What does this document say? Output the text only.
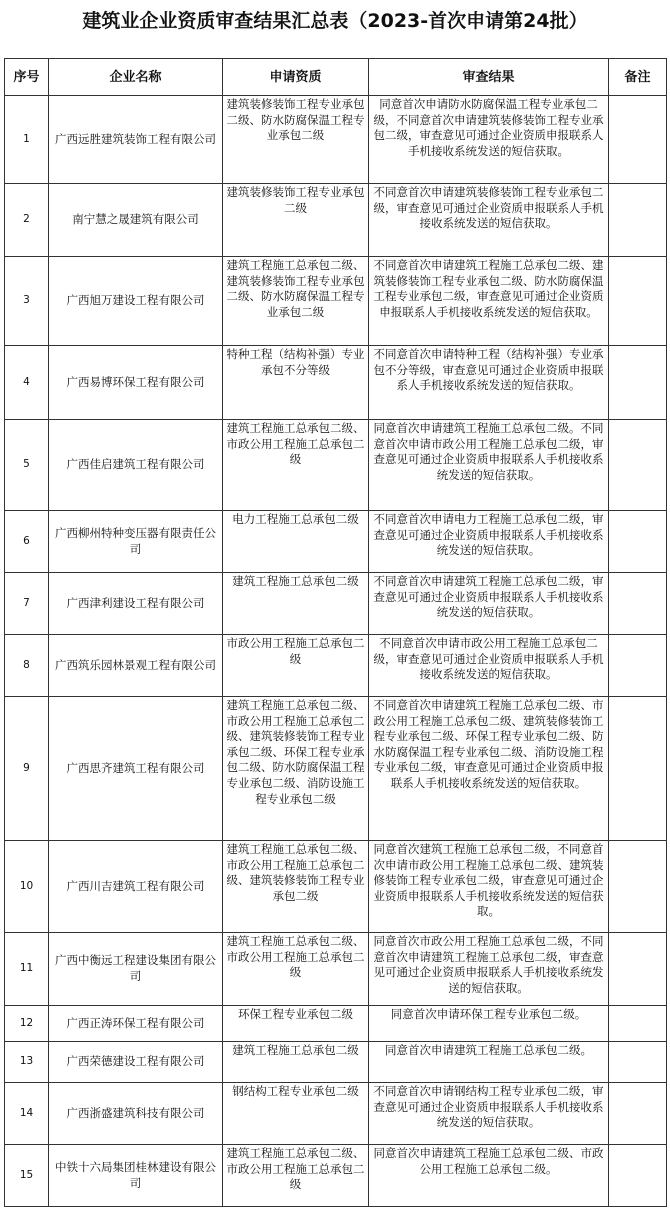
建筑业企业资质审查结果汇总表（2023-首次申请第24批）
序号	企业名称	申请资质	审查结果	备注
1	广西远胜建筑装饰工程有限公司	建筑装修装饰工程专业承包二级、防水防腐保温工程专业承包二级	同意首次申请防水防腐保温工程专业承包二级，不同意首次申请建筑装修装饰工程专业承包二级，审查意见可通过企业资质申报联系人手机接收系统发送的短信获取。	
2	南宁慧之晟建筑有限公司	建筑装修装饰工程专业承包二级	不同意首次申请建筑装修装饰工程专业承包二级，审查意见可通过企业资质申报联系人手机接收系统发送的短信获取。	
3	广西旭万建设工程有限公司	建筑工程施工总承包二级、建筑装修装饰工程专业承包二级、防水防腐保温工程专业承包二级	不同意首次申请建筑工程施工总承包二级、建筑装修装饰工程专业承包二级、防水防腐保温工程专业承包二级，审查意见可通过企业资质申报联系人手机接收系统发送的短信获取。	
4	广西易博环保工程有限公司	特种工程（结构补强）专业承包不分等级	不同意首次申请特种工程（结构补强）专业承包不分等级，审查意见可通过企业资质申报联系人手机接收系统发送的短信获取。	
5	广西佳启建筑工程有限公司	建筑工程施工总承包二级、市政公用工程施工总承包二级	同意首次申请建筑工程施工总承包二级。不同意首次申请市政公用工程施工总承包二级，审查意见可通过企业资质申报联系人手机接收系统发送的短信获取。	
6	广西柳州特种变压器有限责任公司	电力工程施工总承包二级	不同意首次申请电力工程施工总承包二级，审查意见可通过企业资质申报联系人手机接收系统发送的短信获取。	
7	广西津利建设工程有限公司	建筑工程施工总承包二级	不同意首次申请建筑工程施工总承包二级，审查意见可通过企业资质申报联系人手机接收系统发送的短信获取。	
8	广西筑乐园林景观工程有限公司	市政公用工程施工总承包二级	不同意首次申请市政公用工程施工总承包二级，审查意见可通过企业资质申报联系人手机接收系统发送的短信获取。	
9	广西思齐建筑工程有限公司	建筑工程施工总承包二级、市政公用工程施工总承包二级、建筑装修装饰工程专业承包二级、环保工程专业承包二级、防水防腐保温工程专业承包二级、消防设施工程专业承包二级	不同意首次申请建筑工程施工总承包二级、市政公用工程施工总承包二级、建筑装修装饰工程专业承包二级、环保工程专业承包二级、防水防腐保温工程专业承包二级、消防设施工程专业承包二级，审查意见可通过企业资质申报联系人手机接收系统发送的短信获取。	
10	广西川吉建筑工程有限公司	建筑工程施工总承包二级、市政公用工程施工总承包二级、建筑装修装饰工程专业承包二级	同意首次建筑工程施工总承包二级，不同意首次申请市政公用工程施工总承包二级、建筑装修装饰工程专业承包二级，审查意见可通过企业资质申报联系人手机接收系统发送的短信获取。	
11	广西中衡远工程建设集团有限公司	建筑工程施工总承包二级、市政公用工程施工总承包二级	同意首次市政公用工程施工总承包二级，不同意首次申请建筑工程施工总承包二级，审查意见可通过企业资质申报联系人手机接收系统发送的短信获取。	
12	广西正涛环保工程有限公司	环保工程专业承包二级	同意首次申请环保工程专业承包二级。	
13	广西荣德建设工程有限公司	建筑工程施工总承包二级	同意首次申请建筑工程施工总承包二级。	
14	广西浙盛建筑科技有限公司	钢结构工程专业承包二级	不同意首次申请钢结构工程专业承包二级，审查意见可通过企业资质申报联系人手机接收系统发送的短信获取。	
15	中铁十六局集团桂林建设有限公司	建筑工程施工总承包二级、市政公用工程施工总承包二级	同意首次申请建筑工程施工总承包二级、市政公用工程施工总承包二级。	
